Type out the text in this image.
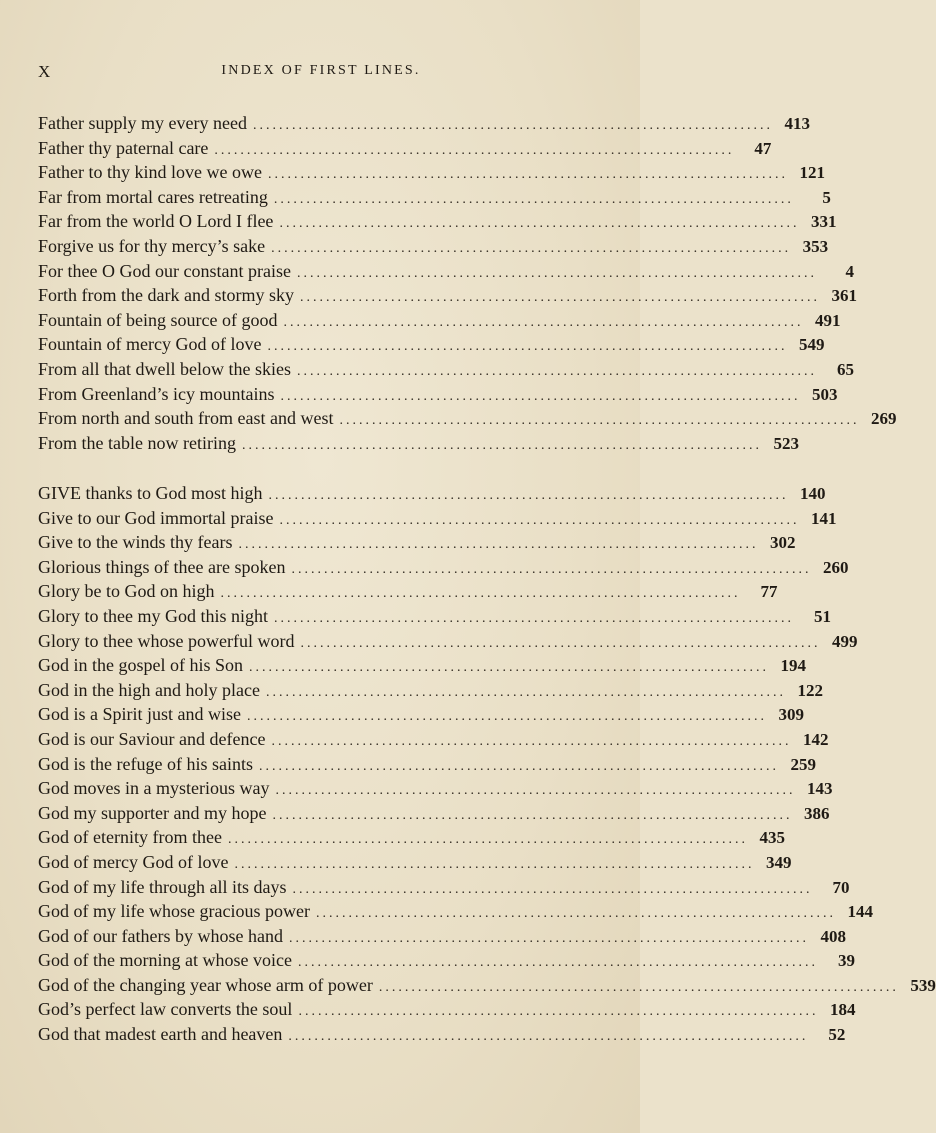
X	INDEX OF FIRST LINES.
Father supply my every need ................................................................................ 413
Father thy paternal care ................................................................................	47
Father to thy kind love we owe ................................................................................ 121
Far from mortal cares retreating ................................................................................	5
Far from the world O Lord I flee ................................................................................ 331
Forgive us for thy mercy’s sake ................................................................................ 353
For thee O God our constant praise ................................................................................	4
Forth from the dark and stormy sky ................................................................................ 361
Fountain of being source of good ................................................................................ 491
Fountain of mercy God of love ................................................................................ 549
From all that dwell below the skies ................................................................................	65
From Greenland’s icy mountains ................................................................................ 503
From north and south from east and west ................................................................................ 269
From the table now retiring ................................................................................ 523
GIVE thanks to God most high ................................................................................ 140
Give to our God immortal praise ................................................................................ 141
Give to the winds thy fears ................................................................................ 302
Glorious things of thee are spoken ................................................................................ 260
Glory be to God on high ................................................................................	77
Glory to thee my God this night ................................................................................	51
Glory to thee whose powerful word ................................................................................ 499
God in the gospel of his Son ................................................................................ 194
God in the high and holy place ................................................................................ 122
God is a Spirit just and wise ................................................................................ 309
God is our Saviour and defence ................................................................................ 142
God is the refuge of his saints ................................................................................ 259
God moves in a mysterious way ................................................................................ 143
God my supporter and my hope ................................................................................ 386
God of eternity from thee ................................................................................ 435
God of mercy God of love ................................................................................ 349
God of my life through all its days ................................................................................	70
God of my life whose gracious power ................................................................................ 144
God of our fathers by whose hand ................................................................................ 408
God of the morning at whose voice ................................................................................	39
God of the changing year whose arm of power ................................................................................ 539
God’s perfect law converts the soul ................................................................................ 184
God that madest earth and heaven ................................................................................	52
